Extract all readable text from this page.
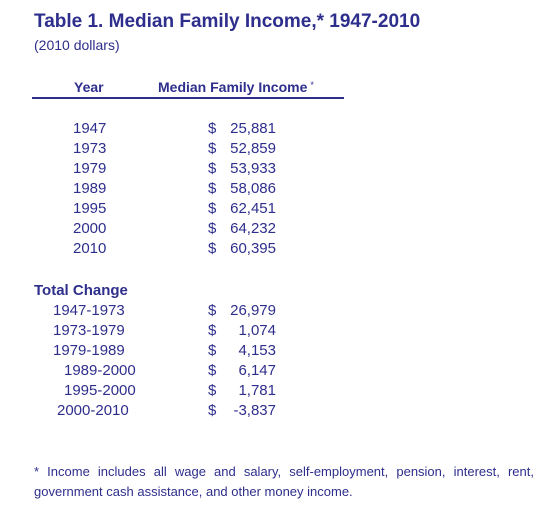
Table 1. Median Family Income,* 1947-2010
(2010 dollars)
Year	Median Family Income *
1947	$ 25,881
1973	$ 52,859
1979	$ 53,933
1989	$ 58,086
1995	$ 62,451
2000	$ 64,232
2010	$ 60,395
Total Change
1947-1973	$ 26,979
1973-1979	$	1,074
1979-1989	$	4,153
1989-2000	$	6,147
1995-2000	$	1,781
2000-2010	$	-3,837
* Income includes all wage and salary, self-employment, pension, interest, rent, government cash assistance, and other money income.
